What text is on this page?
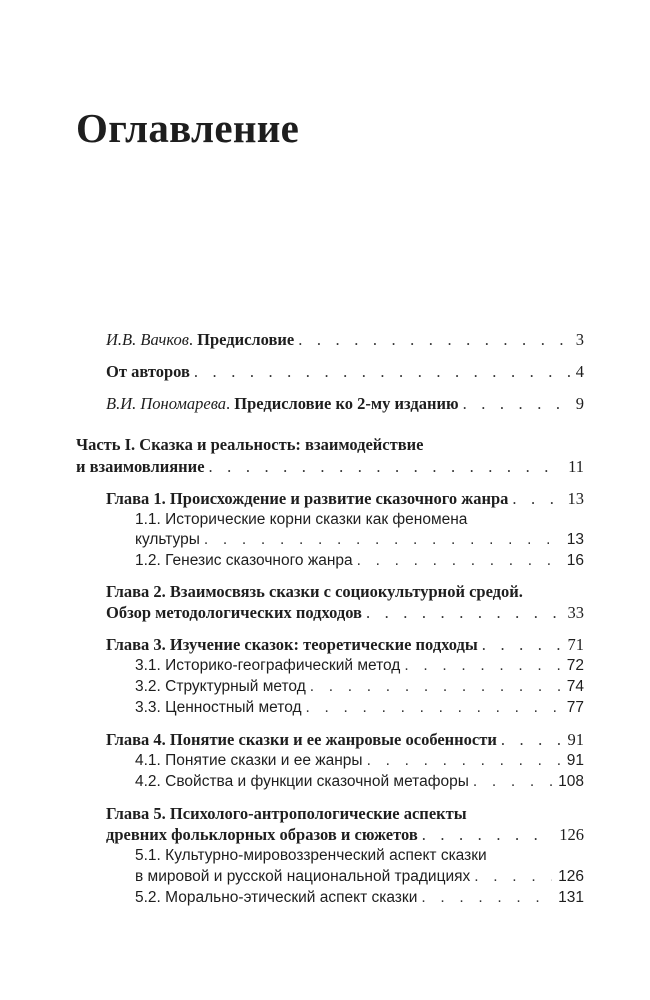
Оглавление
И.В. Вачков. Предисловие . . .	3
От авторов . . .	4
В.И. Пономарева. Предисловие ко 2-му изданию . . .	9
Часть I. Сказка и реальность: взаимодействие
и взаимовлияние . . .	11
Глава 1. Происхождение и развитие сказочного жанра . . .	13
1.1. Исторические корни сказки как феномена
культуры . . .	13
1.2. Генезис сказочного жанра . . .	16
Глава 2. Взаимосвязь сказки с социокультурной средой.
Обзор методологических подходов . . .	33
Глава 3. Изучение сказок: теоретические подходы . . .	71
3.1. Историко-географический метод . . .	72
3.2. Структурный метод . . .	74
3.3. Ценностный метод . . .	77
Глава 4. Понятие сказки и ее жанровые особенности . . .	91
4.1. Понятие сказки и ее жанры . . .	91
4.2. Свойства и функции сказочной метафоры . . .	108
Глава 5. Психолого-антропологические аспекты
древних фольклорных образов и сюжетов . . .	126
5.1. Культурно-мировоззренческий аспект сказки
в мировой и русской национальной традициях . . .	126
5.2. Морально-этический аспект сказки . . .	131
